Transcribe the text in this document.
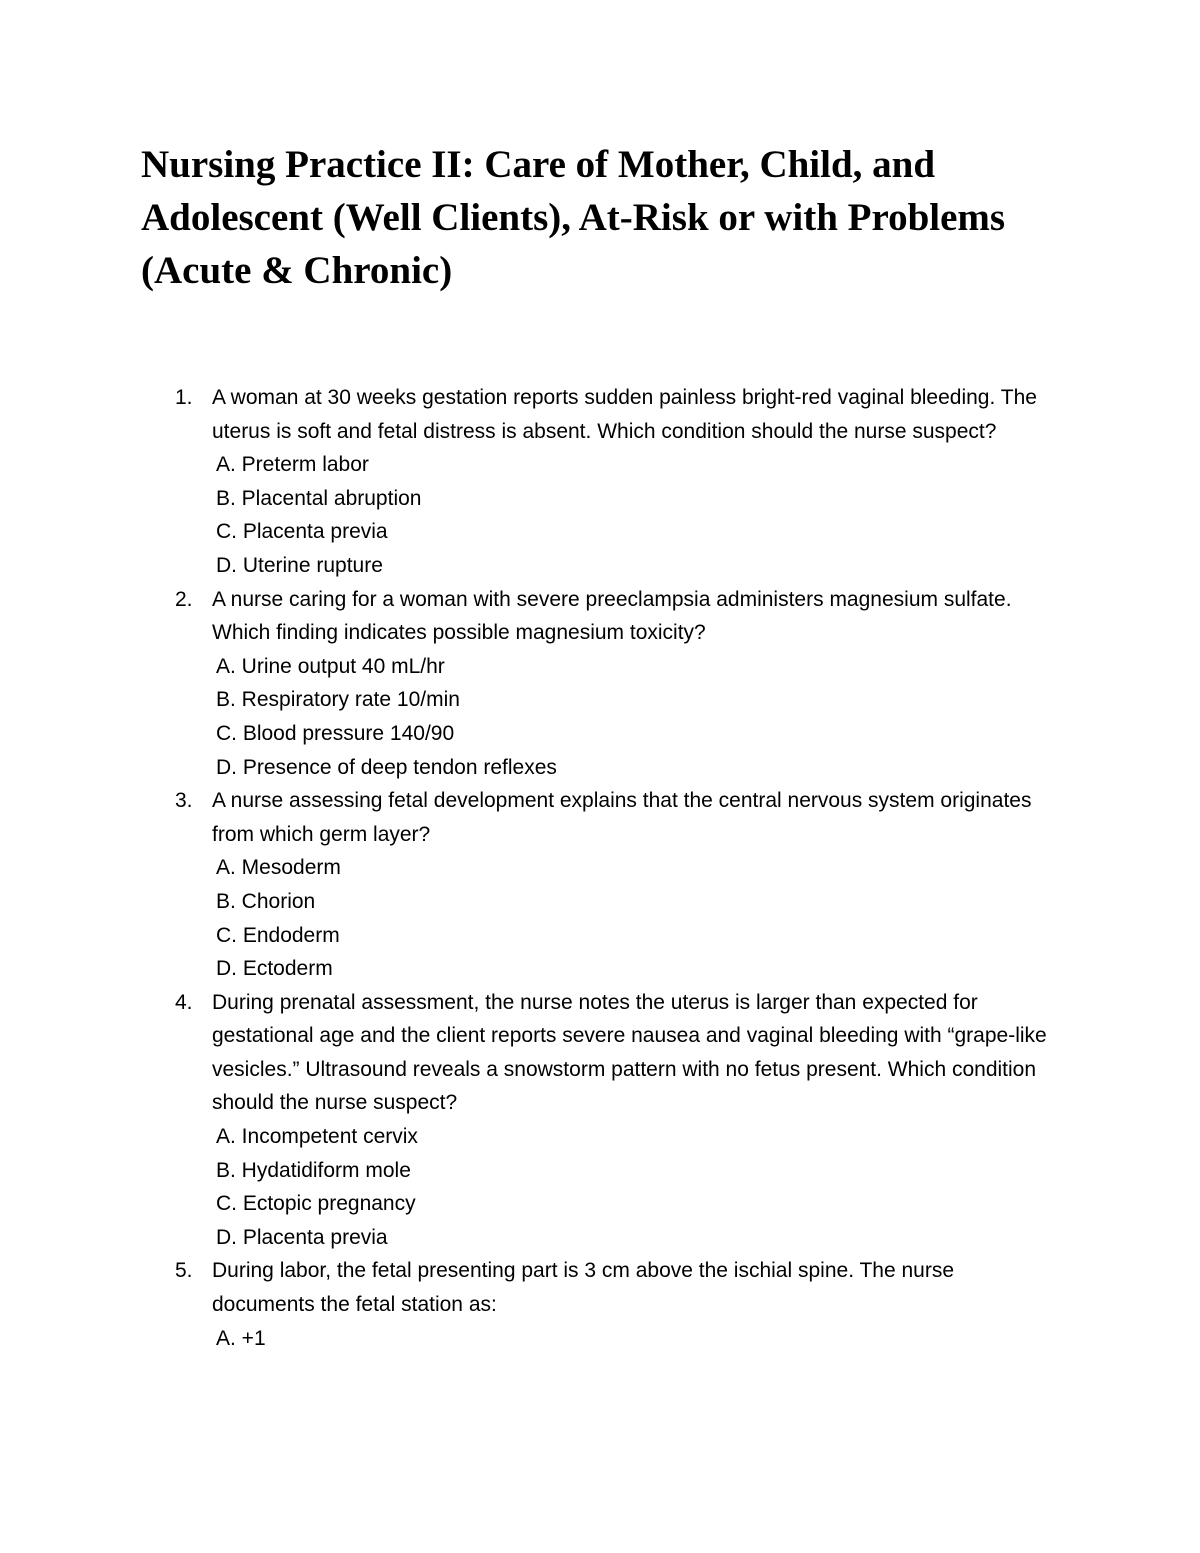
Nursing Practice II: Care of Mother, Child, and Adolescent (Well Clients), At-Risk or with Problems (Acute & Chronic)
1. A woman at 30 weeks gestation reports sudden painless bright-red vaginal bleeding. The uterus is soft and fetal distress is absent. Which condition should the nurse suspect?
A. Preterm labor
B. Placental abruption
C. Placenta previa
D. Uterine rupture
2. A nurse caring for a woman with severe preeclampsia administers magnesium sulfate. Which finding indicates possible magnesium toxicity?
A. Urine output 40 mL/hr
B. Respiratory rate 10/min
C. Blood pressure 140/90
D. Presence of deep tendon reflexes
3. A nurse assessing fetal development explains that the central nervous system originates from which germ layer?
A. Mesoderm
B. Chorion
C. Endoderm
D. Ectoderm
4. During prenatal assessment, the nurse notes the uterus is larger than expected for gestational age and the client reports severe nausea and vaginal bleeding with “grape-like vesicles.” Ultrasound reveals a snowstorm pattern with no fetus present. Which condition should the nurse suspect?
A. Incompetent cervix
B. Hydatidiform mole
C. Ectopic pregnancy
D. Placenta previa
5. During labor, the fetal presenting part is 3 cm above the ischial spine. The nurse documents the fetal station as:
A. +1
